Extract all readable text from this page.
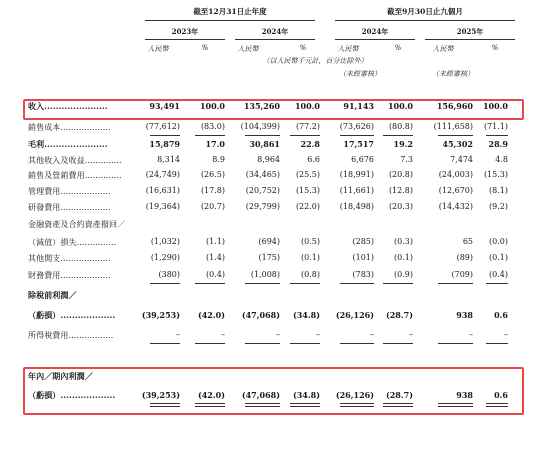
截至12月31日止年度	截至9月30日止九個月
2023年	2024年	2024年	2025年
人民幣	%	人民幣	%	人民幣	%	人民幣	%
（以人民幣千元計，百分比除外）
（未經審核）	（未經審核）
收入......................	93,491	100.0	135,260	100.0	91,143	100.0	156,960	100.0
銷售成本...................	(77,612)	(83.0)	(104,399)	(77.2)	(73,626)	(80.8)	(111,658)	(71.1)
毛利......................	15,879	17.0	30,861	22.8	17,517	19.2	45,302	28.9
其他收入及收益..............	8,314	8.9	8,964	6.6	6,676	7.3	7,474	4.8
銷售及營銷費用..............	(24,749)	(26.5)	(34,465)	(25.5)	(18,991)	(20.8)	(24,003)	(15.3)
管理費用...................	(16,631)	(17.8)	(20,752)	(15.3)	(11,661)	(12.8)	(12,670)	(8.1)
研發費用...................	(19,364)	(20.7)	(29,799)	(22.0)	(18,498)	(20.3)	(14,432)	(9.2)
金融資產及合約資產撥回／
（減值）損失...............	(1,032)	(1.1)	(694)	(0.5)	(285)	(0.3)	65	(0.0)
其他開支...................	(1,290)	(1.4)	(175)	(0.1)	(101)	(0.1)	(89)	(0.1)
財務費用...................	(380)	(0.4)	(1,008)	(0.8)	(783)	(0.9)	(709)	(0.4)
除稅前利潤／
（虧損）...................	(39,253)	(42.0)	(47,068)	(34.8)	(26,126)	(28.7)	938	0.6
所得稅費用.................	–	–	–	–	–	–	–	–
年內／期內利潤／
（虧損）...................	(39,253)	(42.0)	(47,068)	(34.8)	(26,126)	(28.7)	938	0.6
